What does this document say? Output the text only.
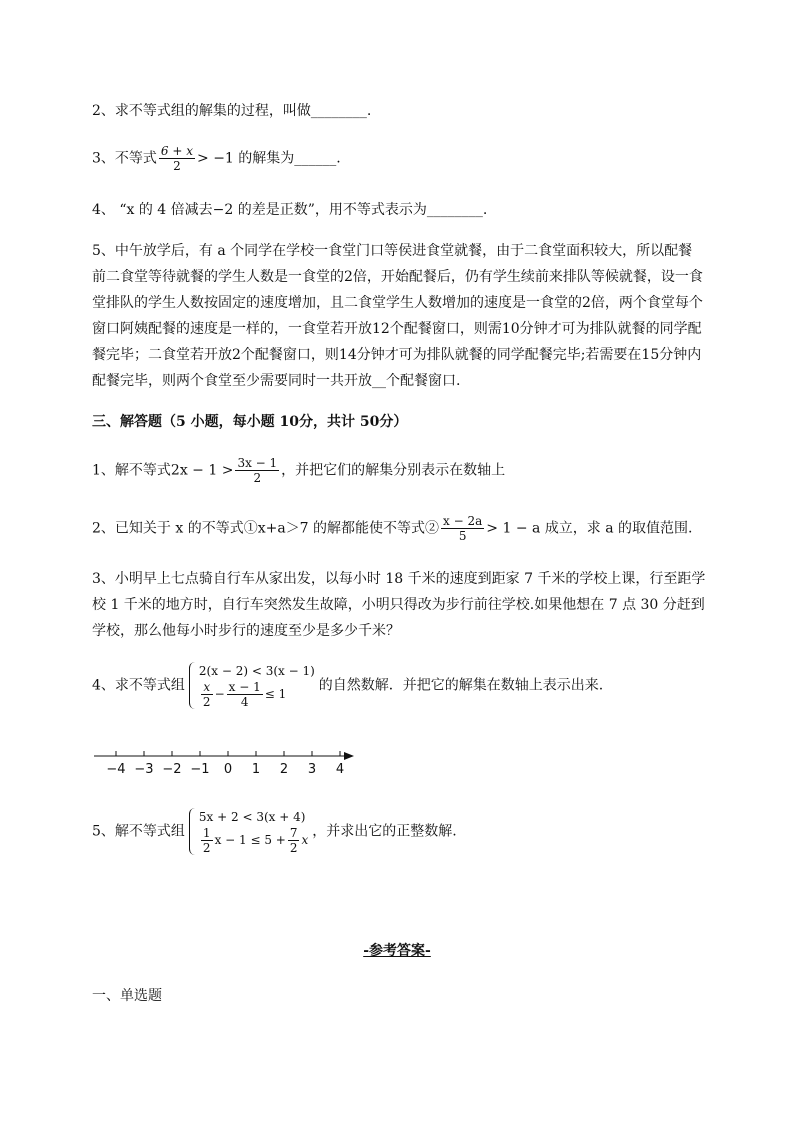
2、求不等式组的解集的过程，叫做________.
3、不等式 $\frac{6 + x}{2} > -1$ 的解集为______.
4、 “x 的 4 倍减去−2 的差是正数”，用不等式表示为________.
5、中午放学后，有 a 个同学在学校一食堂门口等侯进食堂就餐，由于二食堂面积较大，所以配餐前二食堂等待就餐的学生人数是一食堂的2倍，开始配餐后，仍有学生续前来排队等候就餐，设一食堂排队的学生人数按固定的速度增加，且二食堂学生人数增加的速度是一食堂的2倍，两个食堂每个窗口阿姨配餐的速度是一样的，一食堂若开放12个配餐窗口，则需10分钟才可为排队就餐的同学配餐完毕；二食堂若开放2个配餐窗口，则14分钟才可为排队就餐的同学配餐完毕;若需要在15分钟内配餐完毕，则两个食堂至少需要同时一共开放__个配餐窗口.
三、解答题（5 小题，每小题 10分，共计 50分）
1、解不等式$2x - 1 > \frac{3x - 1}{2}$ ，并把它们的解集分别表示在数轴上
2、已知关于 x 的不等式①x+a＞7 的解都能使不等式② $\frac{x - 2a}{5} > 1 - a$ 成立，求 a 的取值范围.
3、小明早上七点骑自行车从家出发，以每小时 18 千米的速度到距家 7 千米的学校上课，行至距学校 1 千米的地方时，自行车突然发生故障，小明只得改为步行前往学校.如果他想在 7 点 30 分赶到学校，那么他每小时步行的速度至少是多少千米？
4、求不等式组
2(x − 2) < 3(x − 1)
$\frac{x}{2} - \frac{x - 1}{4} \le 1$
的自然数解．并把它的解集在数轴上表示出来.
−4 −3 −2 −1 0 1 2 3 4
5、解不等式组
5x + 2 < 3(x + 4)
$\frac{1}{2}$ $x - 1 \le 5 + \frac{7}{2}$ x
，并求出它的正整数解.
-参考答案-
一、单选题
